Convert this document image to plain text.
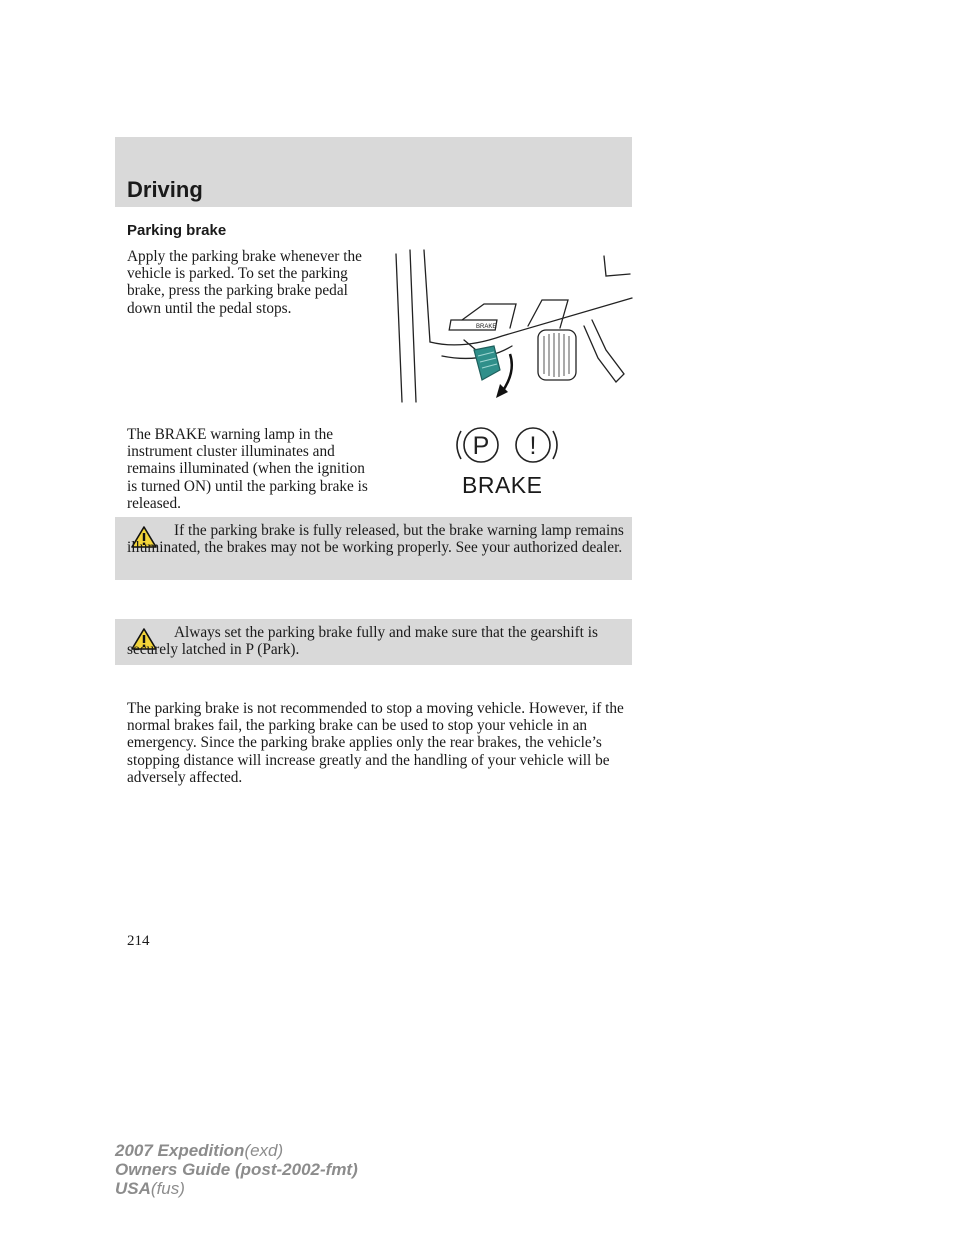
Driving
Parking brake

Apply the parking brake whenever the vehicle is parked. To set the parking brake, press the parking brake pedal down until the pedal stops.

BRAKE

The BRAKE warning lamp in the instrument cluster illuminates and remains illuminated (when the ignition is turned ON) until the parking brake is released.

P !
BRAKE

If the parking brake is fully released, but the brake warning lamp remains illuminated, the brakes may not be working properly. See your authorized dealer.

Always set the parking brake fully and make sure that the gearshift is securely latched in P (Park).

The parking brake is not recommended to stop a moving vehicle. However, if the normal brakes fail, the parking brake can be used to stop your vehicle in an emergency. Since the parking brake applies only the rear brakes, the vehicle’s stopping distance will increase greatly and the handling of your vehicle will be adversely affected.

214
2007 Expedition(exd)
Owners Guide (post-2002-fmt)
USA(fus)
